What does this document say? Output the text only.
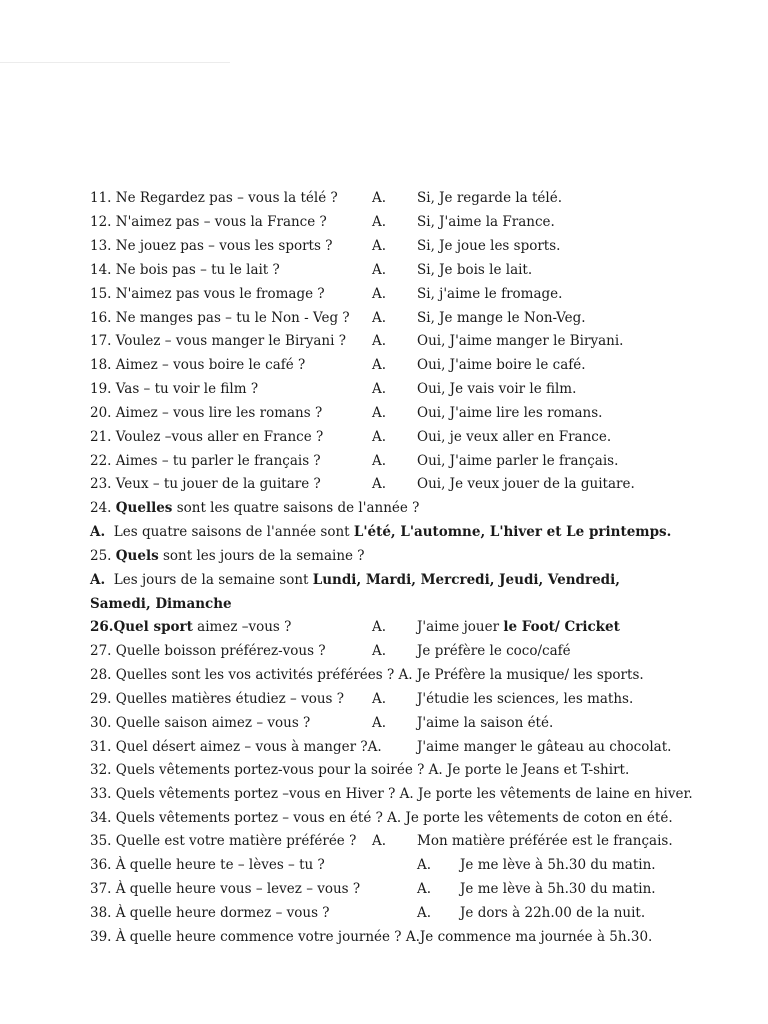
11. Ne Regardez pas – vous la télé ?	A. Si, Je regarde la télé.
12. N'aimez pas – vous la France ?	A. Si, J'aime la France.
13. Ne jouez pas – vous les sports ?	A. Si, Je joue les sports.
14. Ne bois pas – tu le lait ?	A. Si, Je bois le lait.
15. N'aimez pas vous le fromage ?	A. Si, j'aime le fromage.
16. Ne manges pas – tu le Non - Veg ? A. Si, Je mange le Non-Veg.
17. Voulez – vous manger le Biryani ? A. Oui, J'aime manger le Biryani.
18. Aimez – vous boire le café ?	A. Oui, J'aime boire le café.
19. Vas – tu voir le film ?	A. Oui, Je vais voir le film.
20. Aimez – vous lire les romans ?	A. Oui, J'aime lire les romans.
21. Voulez –vous aller en France ?	A. Oui, je veux aller en France.
22. Aimes – tu parler le français ?	A. Oui, J'aime parler le français.
23. Veux – tu jouer de la guitare ?	A. Oui, Je veux jouer de la guitare.
24. Quelles sont les quatre saisons de l'année ?
A. Les quatre saisons de l'année sont L'été, L'automne, L'hiver et Le printemps.
25. Quels sont les jours de la semaine ?
A. Les jours de la semaine sont Lundi, Mardi, Mercredi, Jeudi, Vendredi,
Samedi, Dimanche
26.Quel sport aimez –vous ?	A. J'aime jouer le Foot/ Cricket
27. Quelle boisson préférez-vous ?	A. Je préfère le coco/café
28. Quelles sont les vos activités préférées ? A. Je Préfère la musique/ les sports.
29. Quelles matières étudiez – vous ? A. J'étudie les sciences, les maths.
30. Quelle saison aimez – vous ?	A. J'aime la saison été.
31. Quel désert aimez – vous à manger ?A.	J'aime manger le gâteau au chocolat.
32. Quels vêtements portez-vous pour la soirée ? A. Je porte le Jeans et T-shirt.
33. Quels vêtements portez –vous en Hiver ? A. Je porte les vêtements de laine en hiver.
34. Quels vêtements portez – vous en été ? A. Je porte les vêtements de coton en été.
35. Quelle est votre matière préférée ? A. Mon matière préférée est le français.
36. À quelle heure te – lèves – tu ?	A. Je me lève à 5h.30 du matin.
37. À quelle heure vous – levez – vous ?	A. Je me lève à 5h.30 du matin.
38. À quelle heure dormez – vous ?	A. Je dors à 22h.00 de la nuit.
39. À quelle heure commence votre journée ? A.Je commence ma journée à 5h.30.
